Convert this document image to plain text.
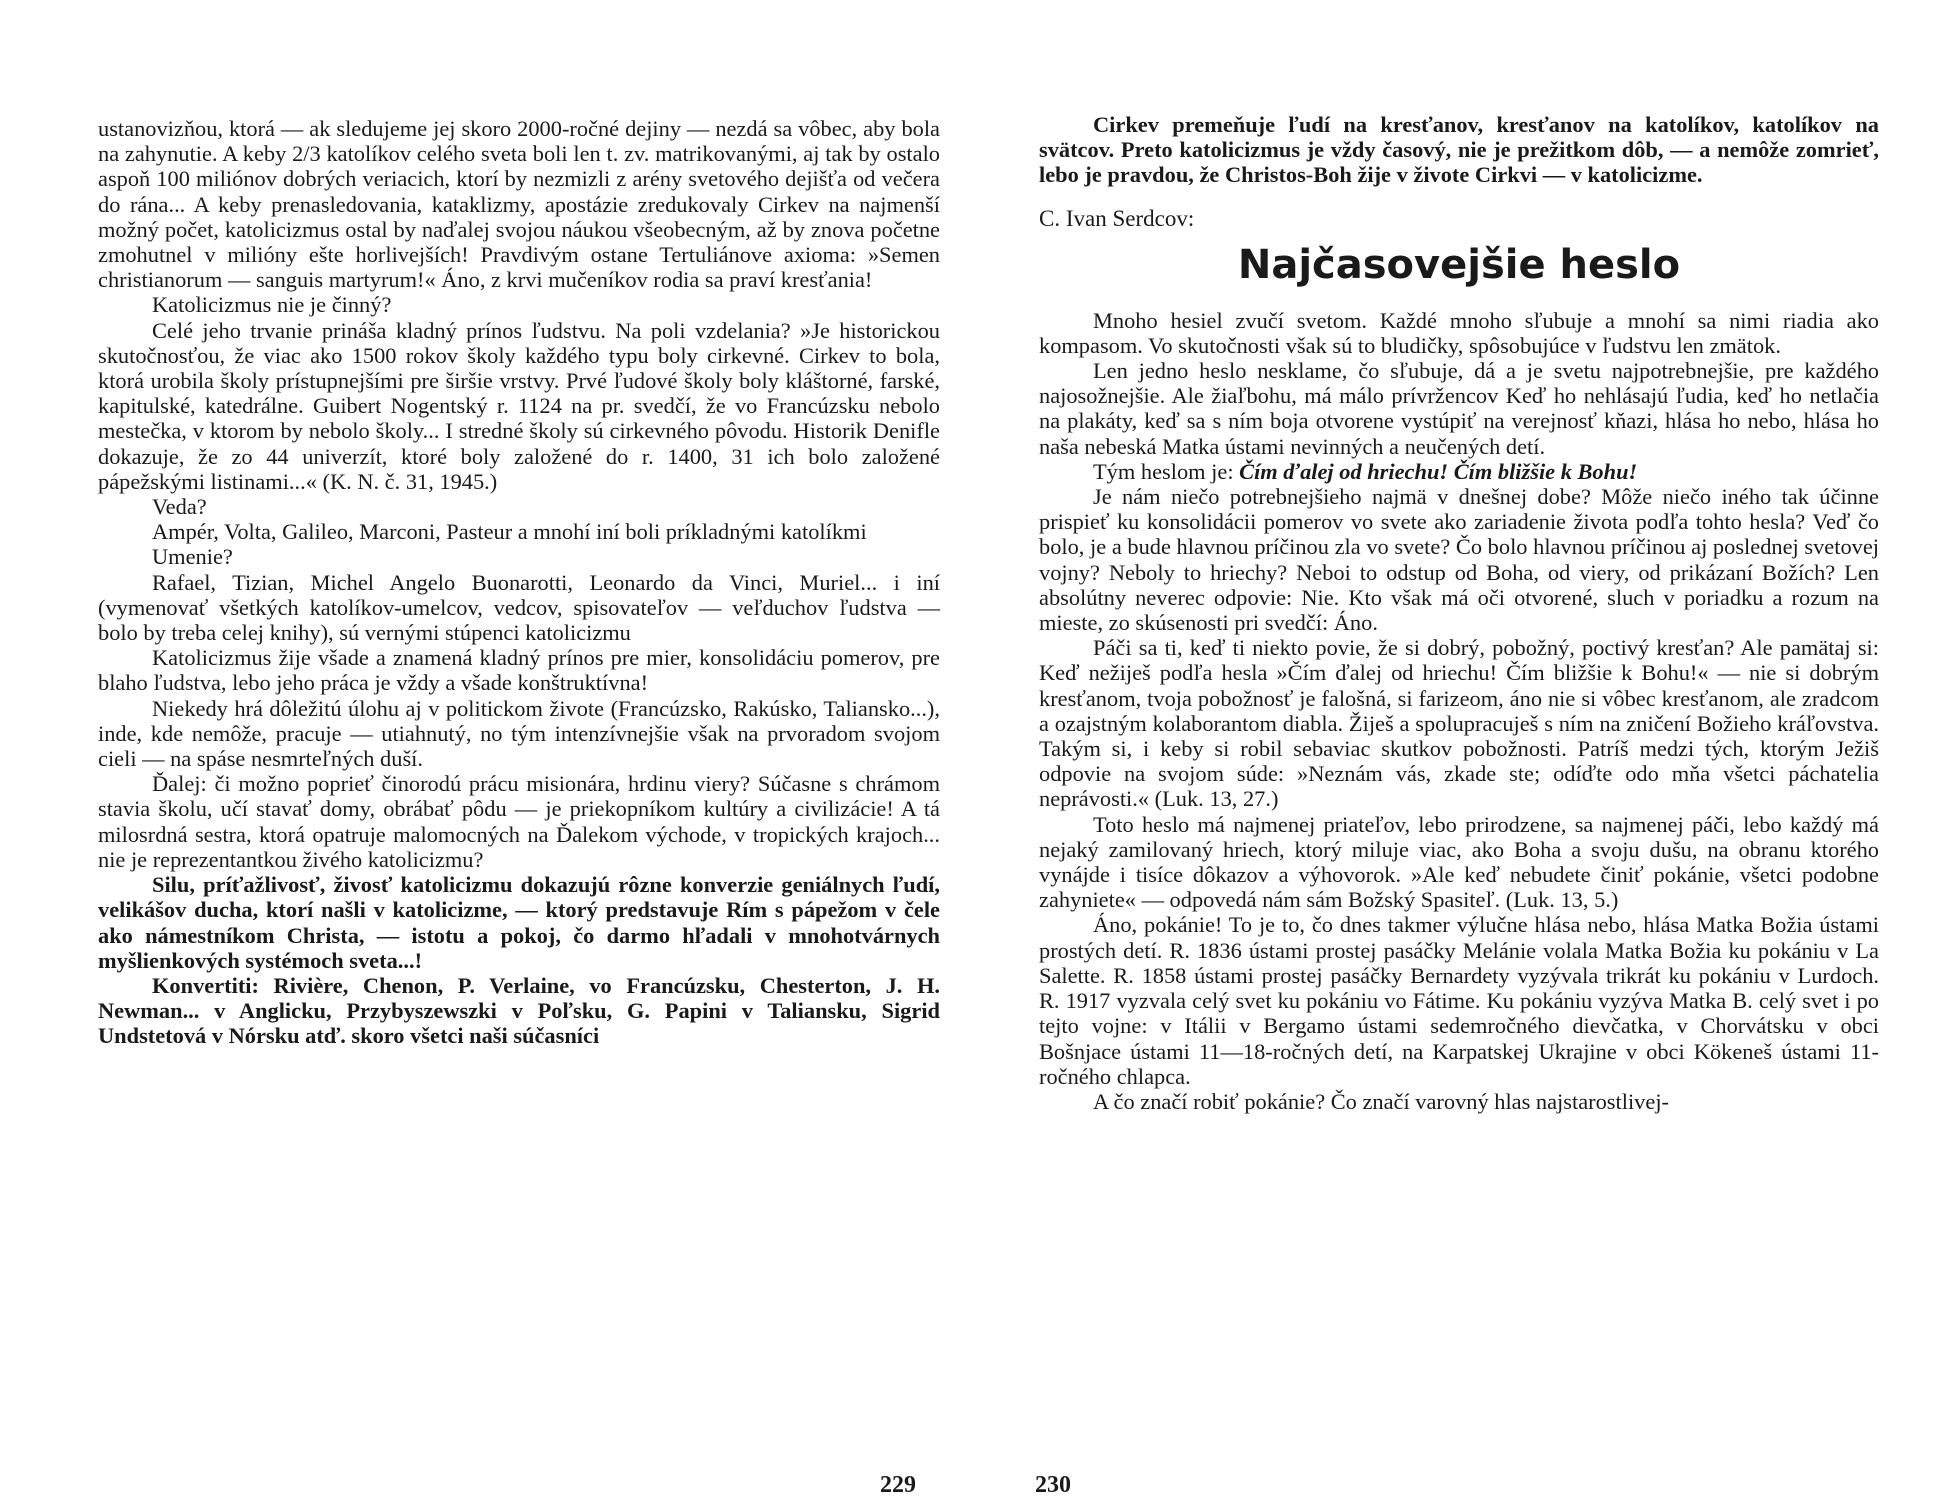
ustanovizňou, ktorá — ak sledujeme jej skoro 2000-ročné dejiny — nezdá sa vôbec, aby bola na zahynutie. A keby 2/3 katolíkov celého sveta boli len t. zv. matrikovanými, aj tak by ostalo aspoň 100 miliónov dobrých veriacich, ktorí by nezmizli z arény svetového dejišťa od večera do rána... A keby prenasledovania, kataklizmy, apostázie zredukovaly Cirkev na najmenší možný počet, katolicizmus ostal by naďalej svojou náukou všeobecným, až by znova početne zmohutnel v milióny ešte horlivejších! Pravdivým ostane Tertuliánove axioma: »Semen christianorum — sanguis martyrum!« Áno, z krvi mučeníkov rodia sa praví kresťania!

Katolicizmus nie je činný?

Celé jeho trvanie prináša kladný prínos ľudstvu. Na poli vzdelania? »Je historickou skutočnosťou, že viac ako 1500 rokov školy každého typu boly cirkevné. Cirkev to bola, ktorá urobila školy prístupnejšími pre širšie vrstvy. Prvé ľudové školy boly kláštorné, farské, kapitulské, katedrálne. Guibert Nogentský r. 1124 na pr. svedčí, že vo Francúzsku nebolo mestečka, v ktorom by nebolo školy... I stredné školy sú cirkevného pôvodu. Historik Denifle dokazuje, že zo 44 univerzít, ktoré boly založené do r. 1400, 31 ich bolo založené pápežskými listinami...« (K. N. č. 31, 1945.)

Veda?

Ampér, Volta, Galileo, Marconi, Pasteur a mnohí iní boli príkladnými katolíkmi

Umenie?

Rafael, Tizian, Michel Angelo Buonarotti, Leonardo da Vinci, Muriel... i iní (vymenovať všetkých katolíkov-umelcov, vedcov, spisovateľov — veľduchov ľudstva — bolo by treba celej knihy), sú vernými stúpenci katolicizmu

Katolicizmus žije všade a znamená kladný prínos pre mier, konsolidáciu pomerov, pre blaho ľudstva, lebo jeho práca je vždy a všade konštruktívna!

Niekedy hrá dôležitú úlohu aj v politickom živote (Francúzsko, Rakúsko, Taliansko...), inde, kde nemôže, pracuje — utiahnutý, no tým intenzívnejšie však na prvoradom svojom cieli — na spáse nesmrteľných duší.

Ďalej: či možno poprieť činorodú prácu misionára, hrdinu viery? Súčasne s chrámom stavia školu, učí stavať domy, obrábať pôdu — je priekopníkom kultúry a civilizácie! A tá milosrdná sestra, ktorá opatruje malomocných na Ďalekom východe, v tropických krajoch... nie je reprezentantkou živého katolicizmu?

Silu, príťažlivosť, živosť katolicizmu dokazujú rôzne konverzie geniálnych ľudí, velikášov ducha, ktorí našli v katolicizme, — ktorý predstavuje Rím s pápežom v čele ako námestníkom Christa, — istotu a pokoj, čo darmo hľadali v mnohotvárnych myšlienkových systémoch sveta...!

Konvertiti: Rivière, Chenon, P. Verlaine, vo Francúzsku, Chesterton, J. H. Newman... v Anglicku, Przybyszewszki v Poľsku, G. Papini v Taliansku, Sigrid Undstetová v Nórsku atď. skoro všetci naši súčasníci

229

Cirkev premeňuje ľudí na kresťanov, kresťanov na katolíkov, katolíkov na svätcov. Preto katolicizmus je vždy časový, nie je prežitkom dôb, — a nemôže zomrieť, lebo je pravdou, že Christos-Boh žije v živote Cirkvi — v katolicizme.

C. Ivan Serdcov:
Najčasovejšie heslo

Mnoho hesiel zvučí svetom. Každé mnoho sľubuje a mnohí sa nimi riadia ako kompasom. Vo skutočnosti však sú to bludičky, spôsobujúce v ľudstvu len zmätok.

Len jedno heslo nesklame, čo sľubuje, dá a je svetu najpotrebnejšie, pre každého najosožnejšie. Ale žiaľbohu, má málo prívržencov Keď ho nehlásajú ľudia, keď ho netlačia na plakáty, keď sa s ním boja otvorene vystúpiť na verejnosť kňazi, hlása ho nebo, hlása ho naša nebeská Matka ústami nevinných a neučených detí.

Tým heslom je: Čím ďalej od hriechu! Čím bližšie k Bohu!

Je nám niečo potrebnejšieho najmä v dnešnej dobe? Môže niečo iného tak účinne prispieť ku konsolidácii pomerov vo svete ako zariadenie života podľa tohto hesla? Veď čo bolo, je a bude hlavnou príčinou zla vo svete? Čo bolo hlavnou príčinou aj poslednej svetovej vojny? Neboly to hriechy? Neboi to odstup od Boha, od viery, od prikázaní Božích? Len absolútny neverec odpovie: Nie. Kto však má oči otvorené, sluch v poriadku a rozum na mieste, zo skúsenosti pri svedčí: Áno.

Páči sa ti, keď ti niekto povie, že si dobrý, pobožný, poctivý kresťan? Ale pamätaj si: Keď nežiješ podľa hesla »Čím ďalej od hriechu! Čím bližšie k Bohu!« — nie si dobrým kresťanom, tvoja pobožnosť je falošná, si farizeom, áno nie si vôbec kresťanom, ale zradcom a ozajstným kolaborantom diabla. Žiješ a spolupracuješ s ním na zničení Božieho kráľovstva. Takým si, i keby si robil sebaviac skutkov pobožnosti. Patríš medzi tých, ktorým Ježiš odpovie na svojom súde: »Neznám vás, zkade ste; odíďte odo mňa všetci páchatelia neprávosti.« (Luk. 13, 27.)

Toto heslo má najmenej priateľov, lebo prirodzene, sa najmenej páči, lebo každý má nejaký zamilovaný hriech, ktorý miluje viac, ako Boha a svoju dušu, na obranu ktorého vynájde i tisíce dôkazov a výhovorok. »Ale keď nebudete činiť pokánie, všetci podobne zahyniete« — odpovedá nám sám Božský Spasiteľ. (Luk. 13, 5.)

Áno, pokánie! To je to, čo dnes takmer výlučne hlása nebo, hlása Matka Božia ústami prostých detí. R. 1836 ústami prostej pasáčky Melánie volala Matka Božia ku pokániu v La Salette. R. 1858 ústami prostej pasáčky Bernardety vyzývala trikrát ku pokániu v Lurdoch. R. 1917 vyzvala celý svet ku pokániu vo Fátime. Ku pokániu vyzýva Matka B. celý svet i po tejto vojne: v Itálii v Bergamo ústami sedemročného dievčatka, v Chorvátsku v obci Bošnjace ústami 11—18-ročných detí, na Karpatskej Ukrajine v obci Kökeneš ústami 11-ročného chlapca.

A čo značí robiť pokánie? Čo značí varovný hlas najstarostlivej-

230
